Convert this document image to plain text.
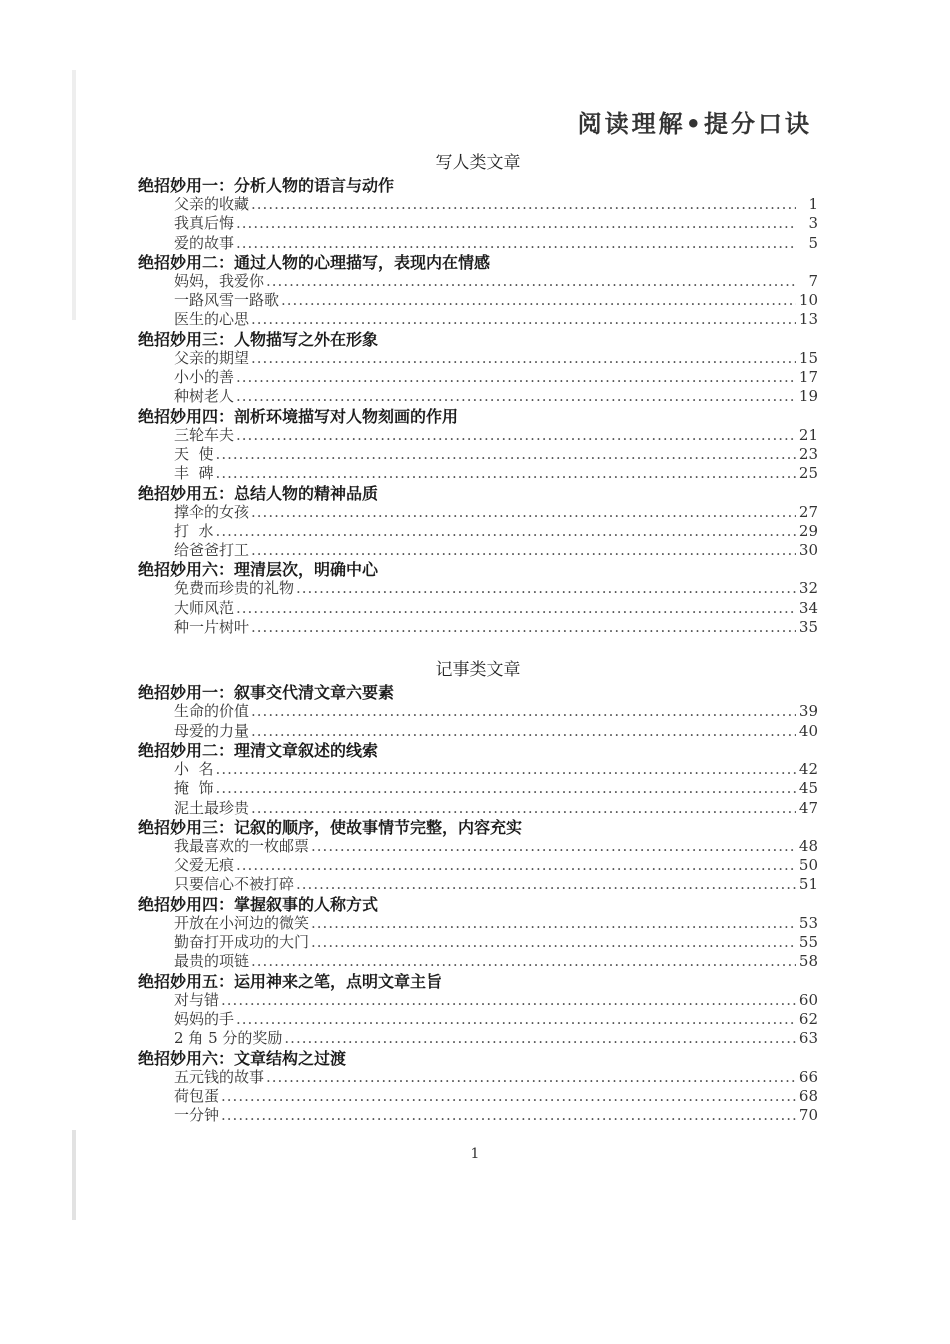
阅读理解•提分口诀
写人类文章
绝招妙用一：分析人物的语言与动作
父亲的收藏 .....	1
我真后悔 .....	3
爱的故事 .....	5
绝招妙用二：通过人物的心理描写，表现内在情感
妈妈，我爱你 .....	7
一路风雪一路歌 .....	10
医生的心思 .....	13
绝招妙用三：人物描写之外在形象
父亲的期望 .....	15
小小的善 .....	17
种树老人 .....	19
绝招妙用四：剖析环境描写对人物刻画的作用
三轮车夫 .....	21
天  使 .....	23
丰  碑 .....	25
绝招妙用五：总结人物的精神品质
撑伞的女孩 .....	27
打  水 .....	29
给爸爸打工 .....	30
绝招妙用六：理清层次，明确中心
免费而珍贵的礼物 .....	32
大师风范 .....	34
种一片树叶 .....	35
记事类文章
绝招妙用一：叙事交代清文章六要素
生命的价值 .....	39
母爱的力量 .....	40
绝招妙用二：理清文章叙述的线索
小  名 .....	42
掩  饰 .....	45
泥土最珍贵 .....	47
绝招妙用三：记叙的顺序，使故事情节完整，内容充实
我最喜欢的一枚邮票 .....	48
父爱无痕 .....	50
只要信心不被打碎 .....	51
绝招妙用四：掌握叙事的人称方式
开放在小河边的微笑 .....	53
勤奋打开成功的大门 .....	55
最贵的项链 .....	58
绝招妙用五：运用神来之笔，点明文章主旨
对与错 .....	60
妈妈的手 .....	62
2 角 5 分的奖励 .....	63
绝招妙用六：文章结构之过渡
五元钱的故事 .....	66
荷包蛋 .....	68
一分钟 .....	70
1
